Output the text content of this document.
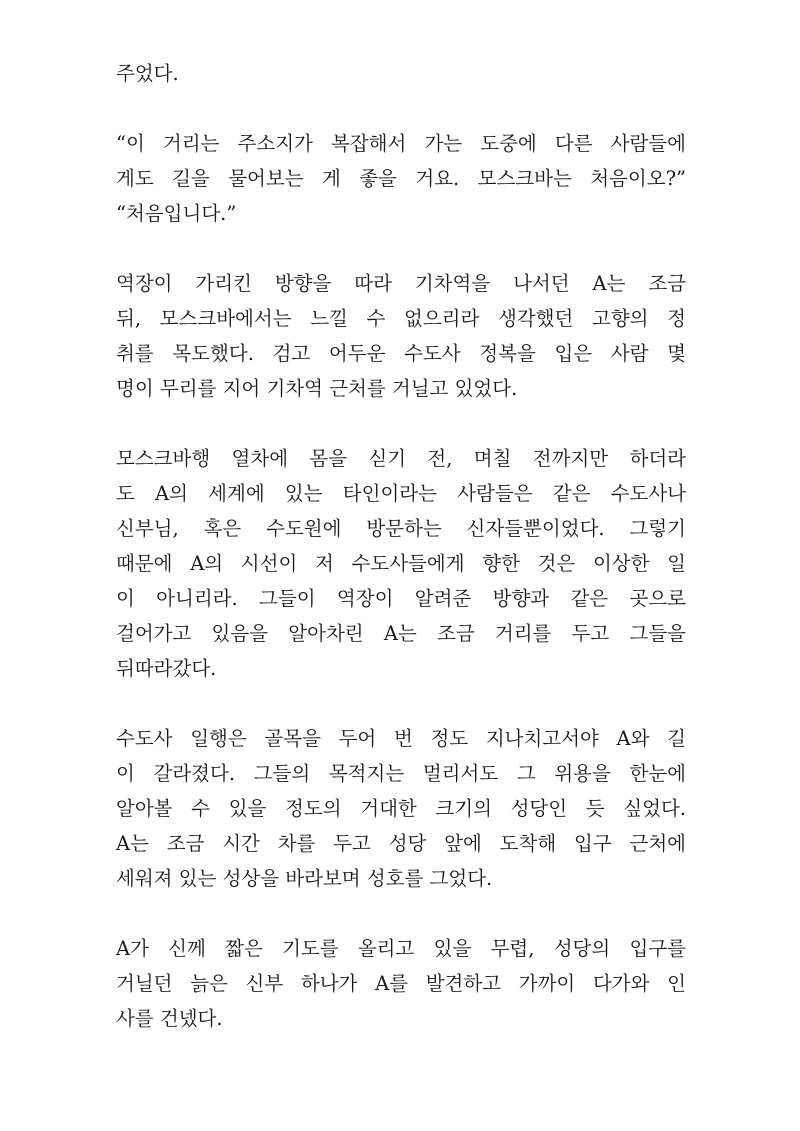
주었다.
“이 거리는 주소지가 복잡해서 가는 도중에 다른 사람들에
게도 길을 물어보는 게 좋을 거요. 모스크바는 처음이오?”
“처음입니다.”
역장이 가리킨 방향을 따라 기차역을 나서던 A는 조금
뒤, 모스크바에서는 느낄 수 없으리라 생각했던 고향의 정
취를 목도했다. 검고 어두운 수도사 정복을 입은 사람 몇
명이 무리를 지어 기차역 근처를 거닐고 있었다.
모스크바행 열차에 몸을 싣기 전, 며칠 전까지만 하더라
도 A의 세계에 있는 타인이라는 사람들은 같은 수도사나
신부님, 혹은 수도원에 방문하는 신자들뿐이었다. 그렇기
때문에 A의 시선이 저 수도사들에게 향한 것은 이상한 일
이 아니리라. 그들이 역장이 알려준 방향과 같은 곳으로
걸어가고 있음을 알아차린 A는 조금 거리를 두고 그들을
뒤따라갔다.
수도사 일행은 골목을 두어 번 정도 지나치고서야 A와 길
이 갈라졌다. 그들의 목적지는 멀리서도 그 위용을 한눈에
알아볼 수 있을 정도의 거대한 크기의 성당인 듯 싶었다.
A는 조금 시간 차를 두고 성당 앞에 도착해 입구 근처에
세워져 있는 성상을 바라보며 성호를 그었다.
A가 신께 짧은 기도를 올리고 있을 무렵, 성당의 입구를
거닐던 늙은 신부 하나가 A를 발견하고 가까이 다가와 인
사를 건넸다.
